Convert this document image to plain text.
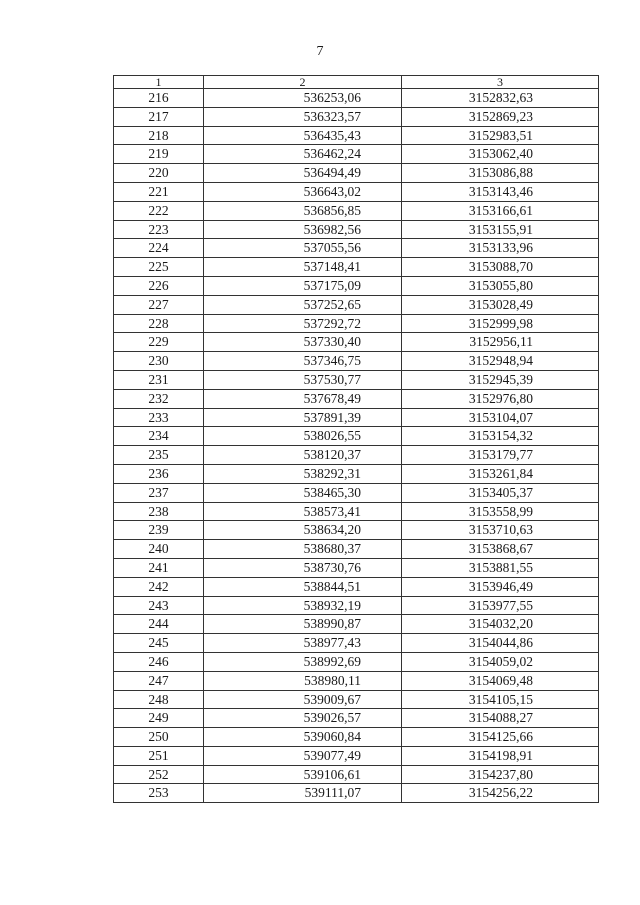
7
1	2	3
216	536253,06	3152832,63
217	536323,57	3152869,23
218	536435,43	3152983,51
219	536462,24	3153062,40
220	536494,49	3153086,88
221	536643,02	3153143,46
222	536856,85	3153166,61
223	536982,56	3153155,91
224	537055,56	3153133,96
225	537148,41	3153088,70
226	537175,09	3153055,80
227	537252,65	3153028,49
228	537292,72	3152999,98
229	537330,40	3152956,11
230	537346,75	3152948,94
231	537530,77	3152945,39
232	537678,49	3152976,80
233	537891,39	3153104,07
234	538026,55	3153154,32
235	538120,37	3153179,77
236	538292,31	3153261,84
237	538465,30	3153405,37
238	538573,41	3153558,99
239	538634,20	3153710,63
240	538680,37	3153868,67
241	538730,76	3153881,55
242	538844,51	3153946,49
243	538932,19	3153977,55
244	538990,87	3154032,20
245	538977,43	3154044,86
246	538992,69	3154059,02
247	538980,11	3154069,48
248	539009,67	3154105,15
249	539026,57	3154088,27
250	539060,84	3154125,66
251	539077,49	3154198,91
252	539106,61	3154237,80
253	539111,07	3154256,22
